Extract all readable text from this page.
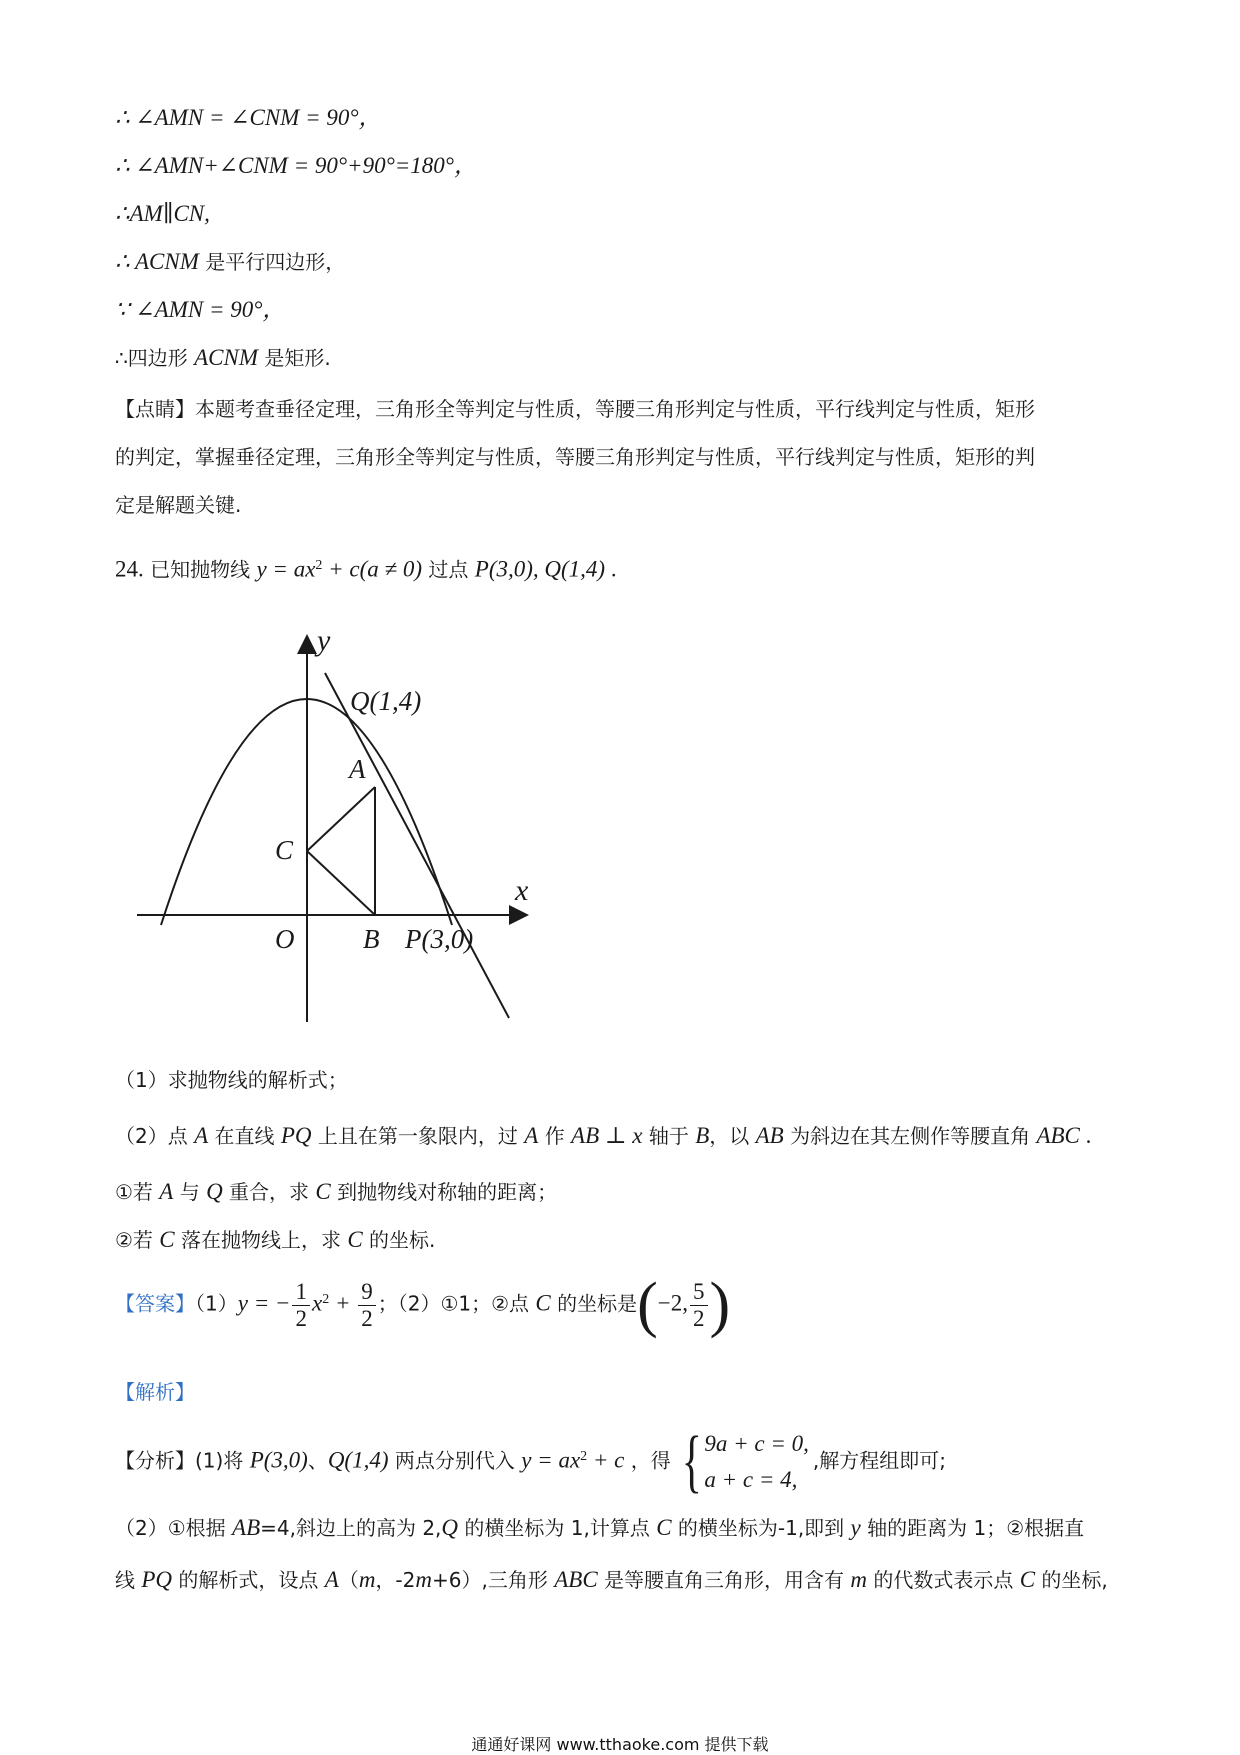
∴ ∠AMN = ∠CNM = 90°，
∴ ∠AMN+∠CNM = 90°+90°=180°，
∴AM∥CN,
∴ ACNM 是平行四边形，
∵ ∠AMN = 90°，
∴四边形 ACNM 是矩形.
【点睛】本题考查垂径定理，三角形全等判定与性质，等腰三角形判定与性质，平行线判定与性质，矩形
的判定，掌握垂径定理，三角形全等判定与性质，等腰三角形判定与性质，平行线判定与性质，矩形的判
定是解题关键.
24. 已知抛物线 $y = ax^2 + c(a \ne 0)$ 过点 P(3,0), Q(1,4) .
y
x
Q(1,4)
A
C
O	B P(3,0)
（1）求抛物线的解析式；
（2）点 A 在直线 PQ 上且在第一象限内，过 A 作 AB ⊥ x 轴于 B，以 AB 为斜边在其左侧作等腰直角 ABC .
①若 A 与 Q 重合，求 C 到抛物线对称轴的距离；
②若 C 落在抛物线上，求 C 的坐标.
【答案】（1）y = − $\frac{1}{2} x^2 + \frac{9}{2}$ ；（2）①1；②点 C 的坐标是(−2, $\frac{5}{2}$ )
【解析】
【分析】(1)将 P(3,0)、Q(1,4) 两点分别代入 $y = ax^2 + c$ ，得 { 9a + c = 0,
a + c = 4,
,解方程组即可;
（2）①根据 AB=4,斜边上的高为 2,Q 的横坐标为 1,计算点 C 的横坐标为-1,即到 y 轴的距离为 1；②根据直
线 PQ 的解析式，设点 A（m，-2m+6）,三角形 ABC 是等腰直角三角形，用含有 m 的代数式表示点 C 的坐标,
通通好课网 www.tthaoke.com 提供下载
